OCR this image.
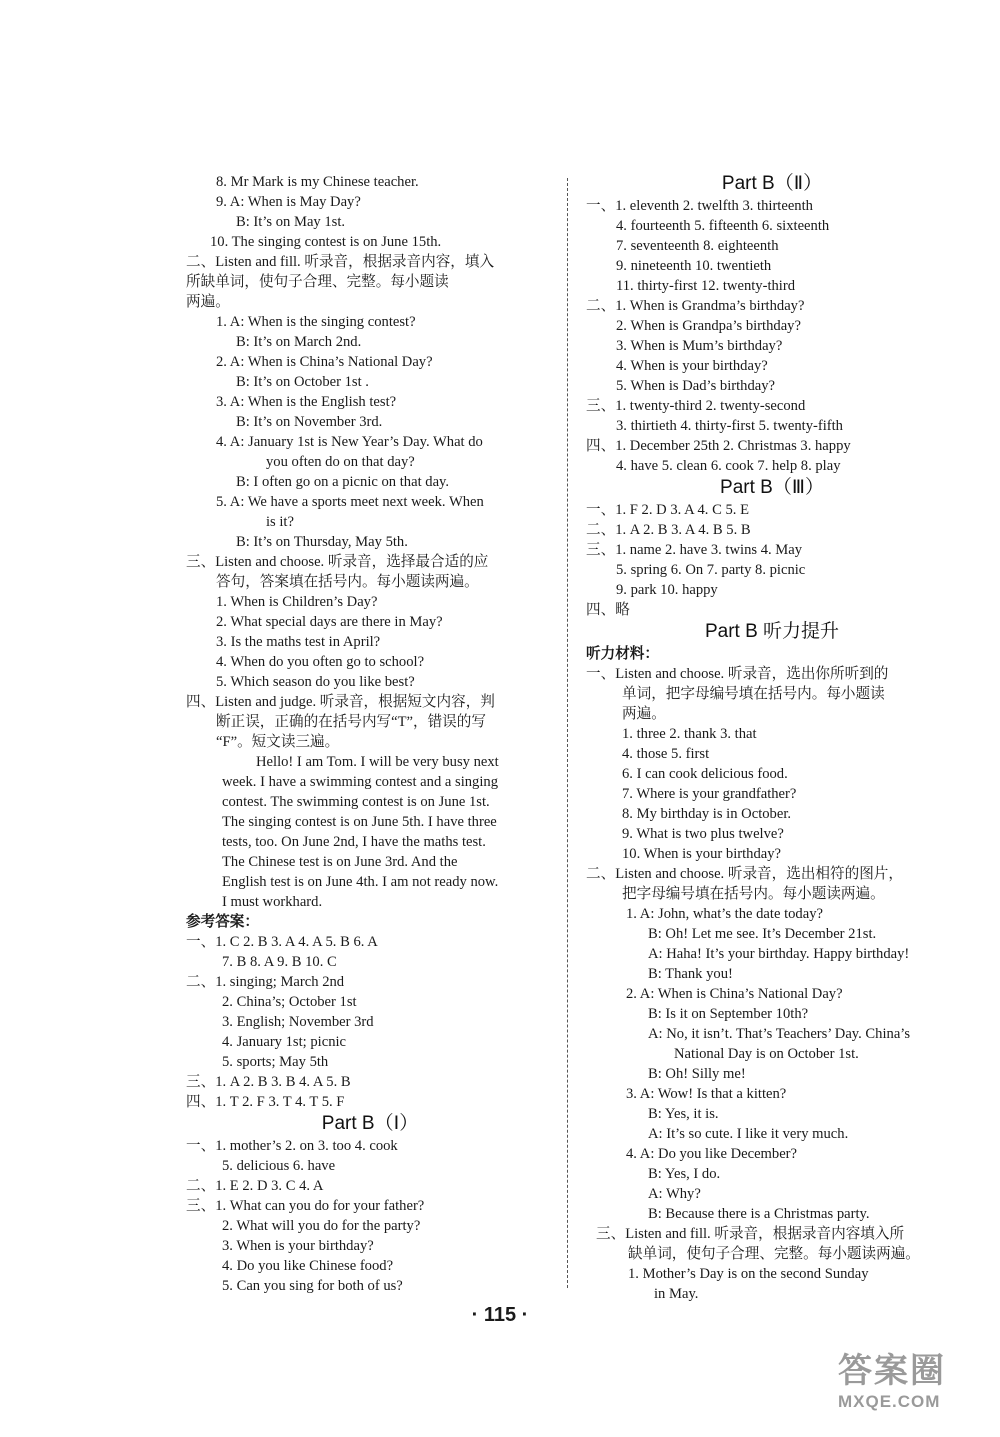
8. Mr Mark is my Chinese teacher.
9. A: When is May Day?
B: It’s on May 1st.
10. The singing contest is on June 15th.
二、Listen and fill. 听录音，根据录音内容，填入
所缺单词，使句子合理、完整。每小题读
两遍。
1. A: When is the singing contest?
B: It’s on March 2nd.
2. A: When is China’s National Day?
B: It’s on October 1st .
3. A: When is the English test?
B: It’s on November 3rd.
4. A: January 1st is New Year’s Day. What do
you often do on that day?
B: I often go on a picnic on that day.
5. A: We have a sports meet next week. When
is it?
B: It’s on Thursday, May 5th.
三、Listen and choose. 听录音，选择最合适的应
答句，答案填在括号内。每小题读两遍。
1. When is Children’s Day?
2. What special days are there in May?
3. Is the maths test in April?
4. When do you often go to school?
5. Which season do you like best?
四、Listen and judge. 听录音，根据短文内容，判
断正误，正确的在括号内写“T”，错误的写
“F”。短文读三遍。
Hello! I am Tom. I will be very busy next
week. I have a swimming contest and a singing
contest. The swimming contest is on June 1st.
The singing contest is on June 5th. I have three
tests, too. On June 2nd, I have the maths test.
The Chinese test is on June 3rd. And the
English test is on June 4th. I am not ready now.
I must workhard.
参考答案：
一、1. C 2. B 3. A 4. A 5. B 6. A
7. B 8. A 9. B 10. C
二、1. singing; March 2nd
2. China’s; October 1st
3. English; November 3rd
4. January 1st; picnic
5. sports; May 5th
三、1. A 2. B 3. B 4. A 5. B
四、1. T 2. F 3. T 4. T 5. F
Part B（Ⅰ）
一、1. mother’s 2. on 3. too 4. cook
5. delicious 6. have
二、1. E 2. D 3. C 4. A
三、1. What can you do for your father?
2. What will you do for the party?
3. When is your birthday?
4. Do you like Chinese food?
5. Can you sing for both of us?
Part B（Ⅱ）
一、1. eleventh 2. twelfth 3. thirteenth
4. fourteenth 5. fifteenth 6. sixteenth
7. seventeenth 8. eighteenth
9. nineteenth 10. twentieth
11. thirty-first 12. twenty-third
二、1. When is Grandma’s birthday?
2. When is Grandpa’s birthday?
3. When is Mum’s birthday?
4. When is your birthday?
5. When is Dad’s birthday?
三、1. twenty-third 2. twenty-second
3. thirtieth 4. thirty-first 5. twenty-fifth
四、1. December 25th 2. Christmas 3. happy
4. have 5. clean 6. cook 7. help 8. play
Part B（Ⅲ）
一、1. F 2. D 3. A 4. C 5. E
二、1. A 2. B 3. A 4. B 5. B
三、1. name 2. have 3. twins 4. May
5. spring 6. On 7. party 8. picnic
9. park 10. happy
四、略
Part B 听力提升
听力材料：
一、Listen and choose. 听录音，选出你所听到的
单词，把字母编号填在括号内。每小题读
两遍。
1. three 2. thank 3. that
4. those 5. first
6. I can cook delicious food.
7. Where is your grandfather?
8. My birthday is in October.
9. What is two plus twelve?
10. When is your birthday?
二、Listen and choose. 听录音，选出相符的图片，
把字母编号填在括号内。每小题读两遍。
1. A: John, what’s the date today?
B: Oh! Let me see. It’s December 21st.
A: Haha! It’s your birthday. Happy birthday!
B: Thank you!
2. A: When is China’s National Day?
B: Is it on September 10th?
A: No, it isn’t. That’s Teachers’ Day. China’s
National Day is on October 1st.
B: Oh! Silly me!
3. A: Wow! Is that a kitten?
B: Yes, it is.
A: It’s so cute. I like it very much.
4. A: Do you like December?
B: Yes, I do.
A: Why?
B: Because there is a Christmas party.
三、Listen and fill. 听录音，根据录音内容填入所
缺单词，使句子合理、完整。每小题读两遍。
1. Mother’s Day is on the second Sunday
in May.
· 115 ·
答案圈
MXQE.COM
